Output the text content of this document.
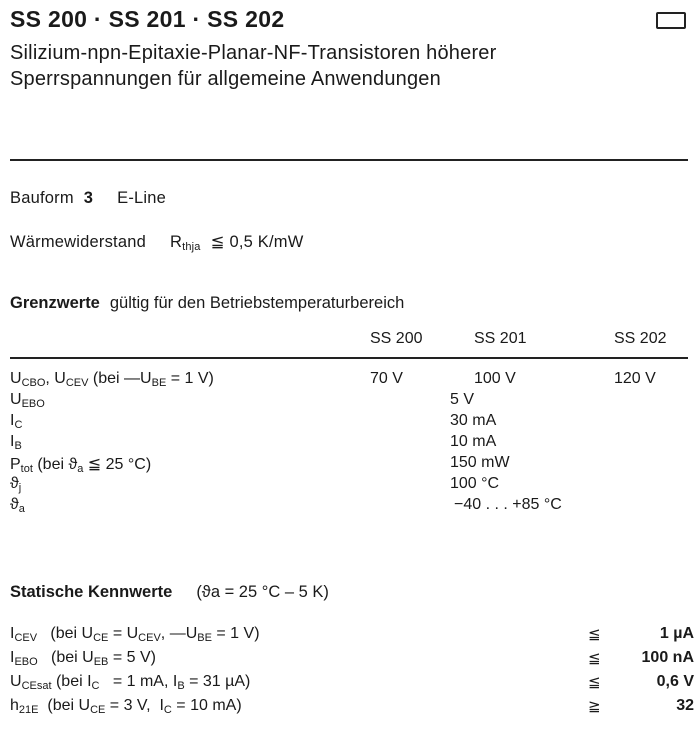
SS 200 · SS 201 · SS 202
Silizium-npn-Epitaxie-Planar-NF-Transistoren höherer Sperrspannungen für allgemeine Anwendungen
Bauform 3 E-Line
Wärmewiderstand $R_{thja}$ ≦ 0,5 K/mW
Grenzwerte gültig für den Betriebstemperaturbereich
SS 200	SS 201	SS 202
$U_{CBO}$, $U_{CEV}$ (bei $—U_{BE} = 1$ V)	70 V	100 V	120 V
$U_{EBO}$	5 V
$I_C$	30 mA
$I_B$	10 mA
$P_{tot}$ (bei $ϑ_a$ ≦ 25 °C)	150 mW
$ϑ_j$	100 °C
$ϑ_a$	−40 . . . +85 °C
Statische Kennwerte (ϑa = 25 °C – 5 K)
$I_{CEV}$   (bei $U_{CE} = U_{CEV}$, $—U_{BE} = 1$ V)	≦	1 µA
$I_{EBO}$   (bei $U_{EB} = 5$ V)	≦	100 nA
$U_{CEsat}$ (bei $I_C = 1$ mA, $I_B = 31$ µA)	≦	0,6 V
$h_{21E}$  (bei $U_{CE} = 3$ V,  $I_C = 10$ mA)	≧	32
